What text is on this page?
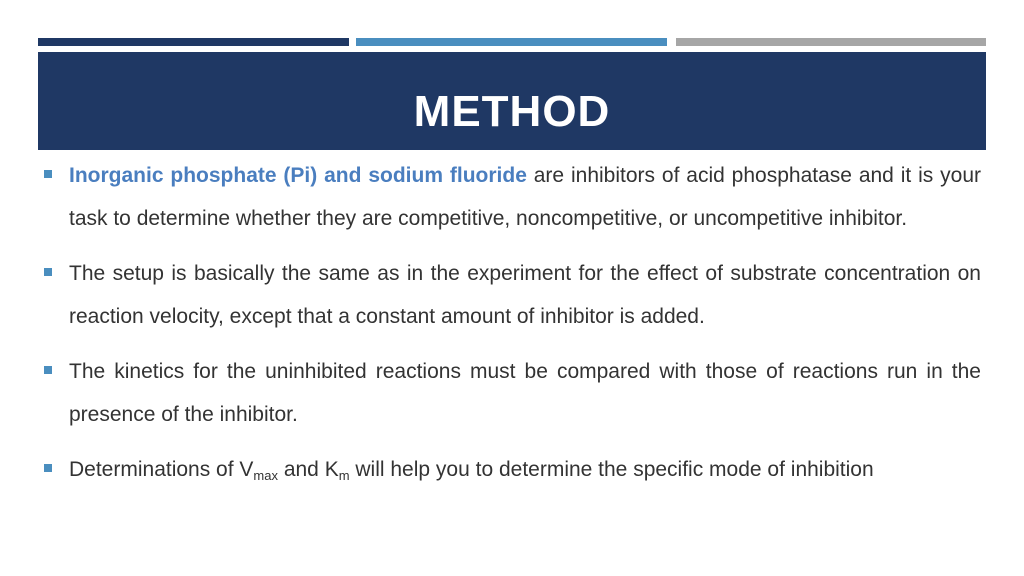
METHOD
Inorganic phosphate (Pi) and sodium fluoride are inhibitors of acid phosphatase and it is your task to determine whether they are competitive, noncompetitive, or uncompetitive inhibitor.
The setup is basically the same as in the experiment for the effect of substrate concentration on reaction velocity, except that a constant amount of inhibitor is added.
The kinetics for the uninhibited reactions must be compared with those of reactions run in the presence of the inhibitor.
Determinations of $V_{max}$ and $K_m$ will help you to determine the specific mode of inhibition
